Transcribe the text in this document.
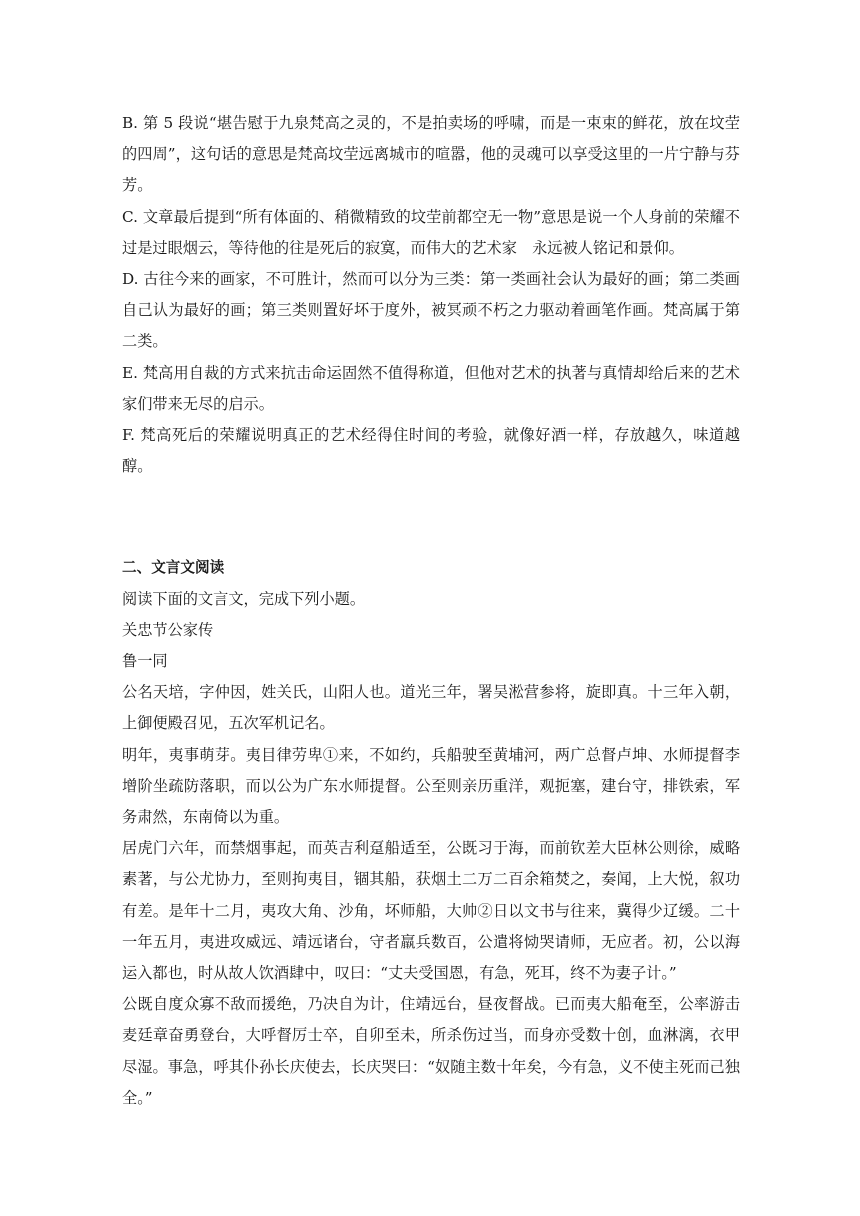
B. 第 5 段说“堪告慰于九泉梵高之灵的，不是拍卖场的呼啸，而是一束束的鲜花，放在坟茔的四周”，这句话的意思是梵高坟茔远离城市的喧嚣，他的灵魂可以享受这里的一片宁静与芬芳。

C. 文章最后提到“所有体面的、稍微精致的坟茔前都空无一物”意思是说一个人身前的荣耀不过是过眼烟云，等待他的往是死后的寂寞，而伟大的艺术家　永远被人铭记和景仰。

D. 古往今来的画家，不可胜计，然而可以分为三类：第一类画社会认为最好的画；第二类画自己认为最好的画；第三类则置好坏于度外，被冥顽不朽之力驱动着画笔作画。梵高属于第二类。

E. 梵高用自裁的方式来抗击命运固然不值得称道，但他对艺术的执著与真情却给后来的艺术家们带来无尽的启示。

F. 梵高死后的荣耀说明真正的艺术经得住时间的考验，就像好酒一样，存放越久，味道越醇。

二、文言文阅读

阅读下面的文言文，完成下列小题。

关忠节公家传

鲁一同

公名天培，字仲因，姓关氏，山阳人也。道光三年，署吴淞营参将，旋即真。十三年入朝，上御便殿召见，五次军机记名。

明年，夷事萌芽。夷目律劳卑①来，不如约，兵船驶至黄埔河，两广总督卢坤、水师提督李增阶坐疏防落职，而以公为广东水师提督。公至则亲历重洋，观扼塞，建台守，排铁索，军务肃然，东南倚以为重。

居虎门六年，而禁烟事起，而英吉利趸船适至，公既习于海，而前钦差大臣林公则徐，威略素著，与公尤协力，至则拘夷目，锢其船，获烟土二万二百余箱焚之，奏闻，上大悦，叙功有差。是年十二月，夷攻大角、沙角，坏师船，大帅②日以文书与往来，冀得少辽缓。二十一年五月，夷进攻威远、靖远诸台，守者羸兵数百，公遣将恸哭请师，无应者。初，公以海运入都也，时从故人饮酒肆中，叹曰：“丈夫受国恩，有急，死耳，终不为妻子计。”

公既自度众寡不敌而援绝，乃决自为计，住靖远台，昼夜督战。已而夷大船奄至，公率游击麦廷章奋勇登台，大呼督厉士卒，自卯至未，所杀伤过当，而身亦受数十创，血淋漓，衣甲尽湿。事急，呼其仆孙长庆使去，长庆哭曰：“奴随主数十年矣，今有急，义不使主死而己独全。”
